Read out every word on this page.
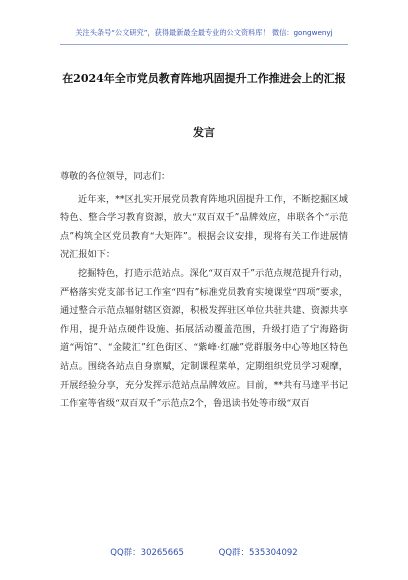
关注头条号“公文研究”，获得最新最全最专业的公文资料库！ 微信：gongwenyj
在2024年全市党员教育阵地巩固提升工作推进会上的汇报
发言

尊敬的各位领导，同志们：

近年来，**区扎实开展党员教育阵地巩固提升工作，不断挖掘区域特色、整合学习教育资源，放大“双百双千”品牌效应，串联各个“示范点”构筑全区党员教育“大矩阵”。根据会议安排，现将有关工作进展情况汇报如下：

挖掘特色，打造示范站点。深化“双百双千”示范点规范提升行动，严格落实党支部书记工作室“四有”标准党员教育实境课堂“四项”要求，通过整合示范点辐射辖区资源，积极发挥驻区单位共驻共建、资源共享作用，提升站点硬件设施、拓展活动覆盖范围，升级打造了宁海路街道“两馆”、“金陵汇”红色街区、“紫峰·红融”党群服务中心等地区特色站点。围绕各站点自身禀赋，定制课程菜单，定期组织党员学习观摩，开展经验分享，充分发挥示范站点品牌效应。目前，**共有马達平书记工作室等省级“双百双千”示范点2个，鲁迅读书处等市级“双百

QQ群：30265665	QQ群：535304092
